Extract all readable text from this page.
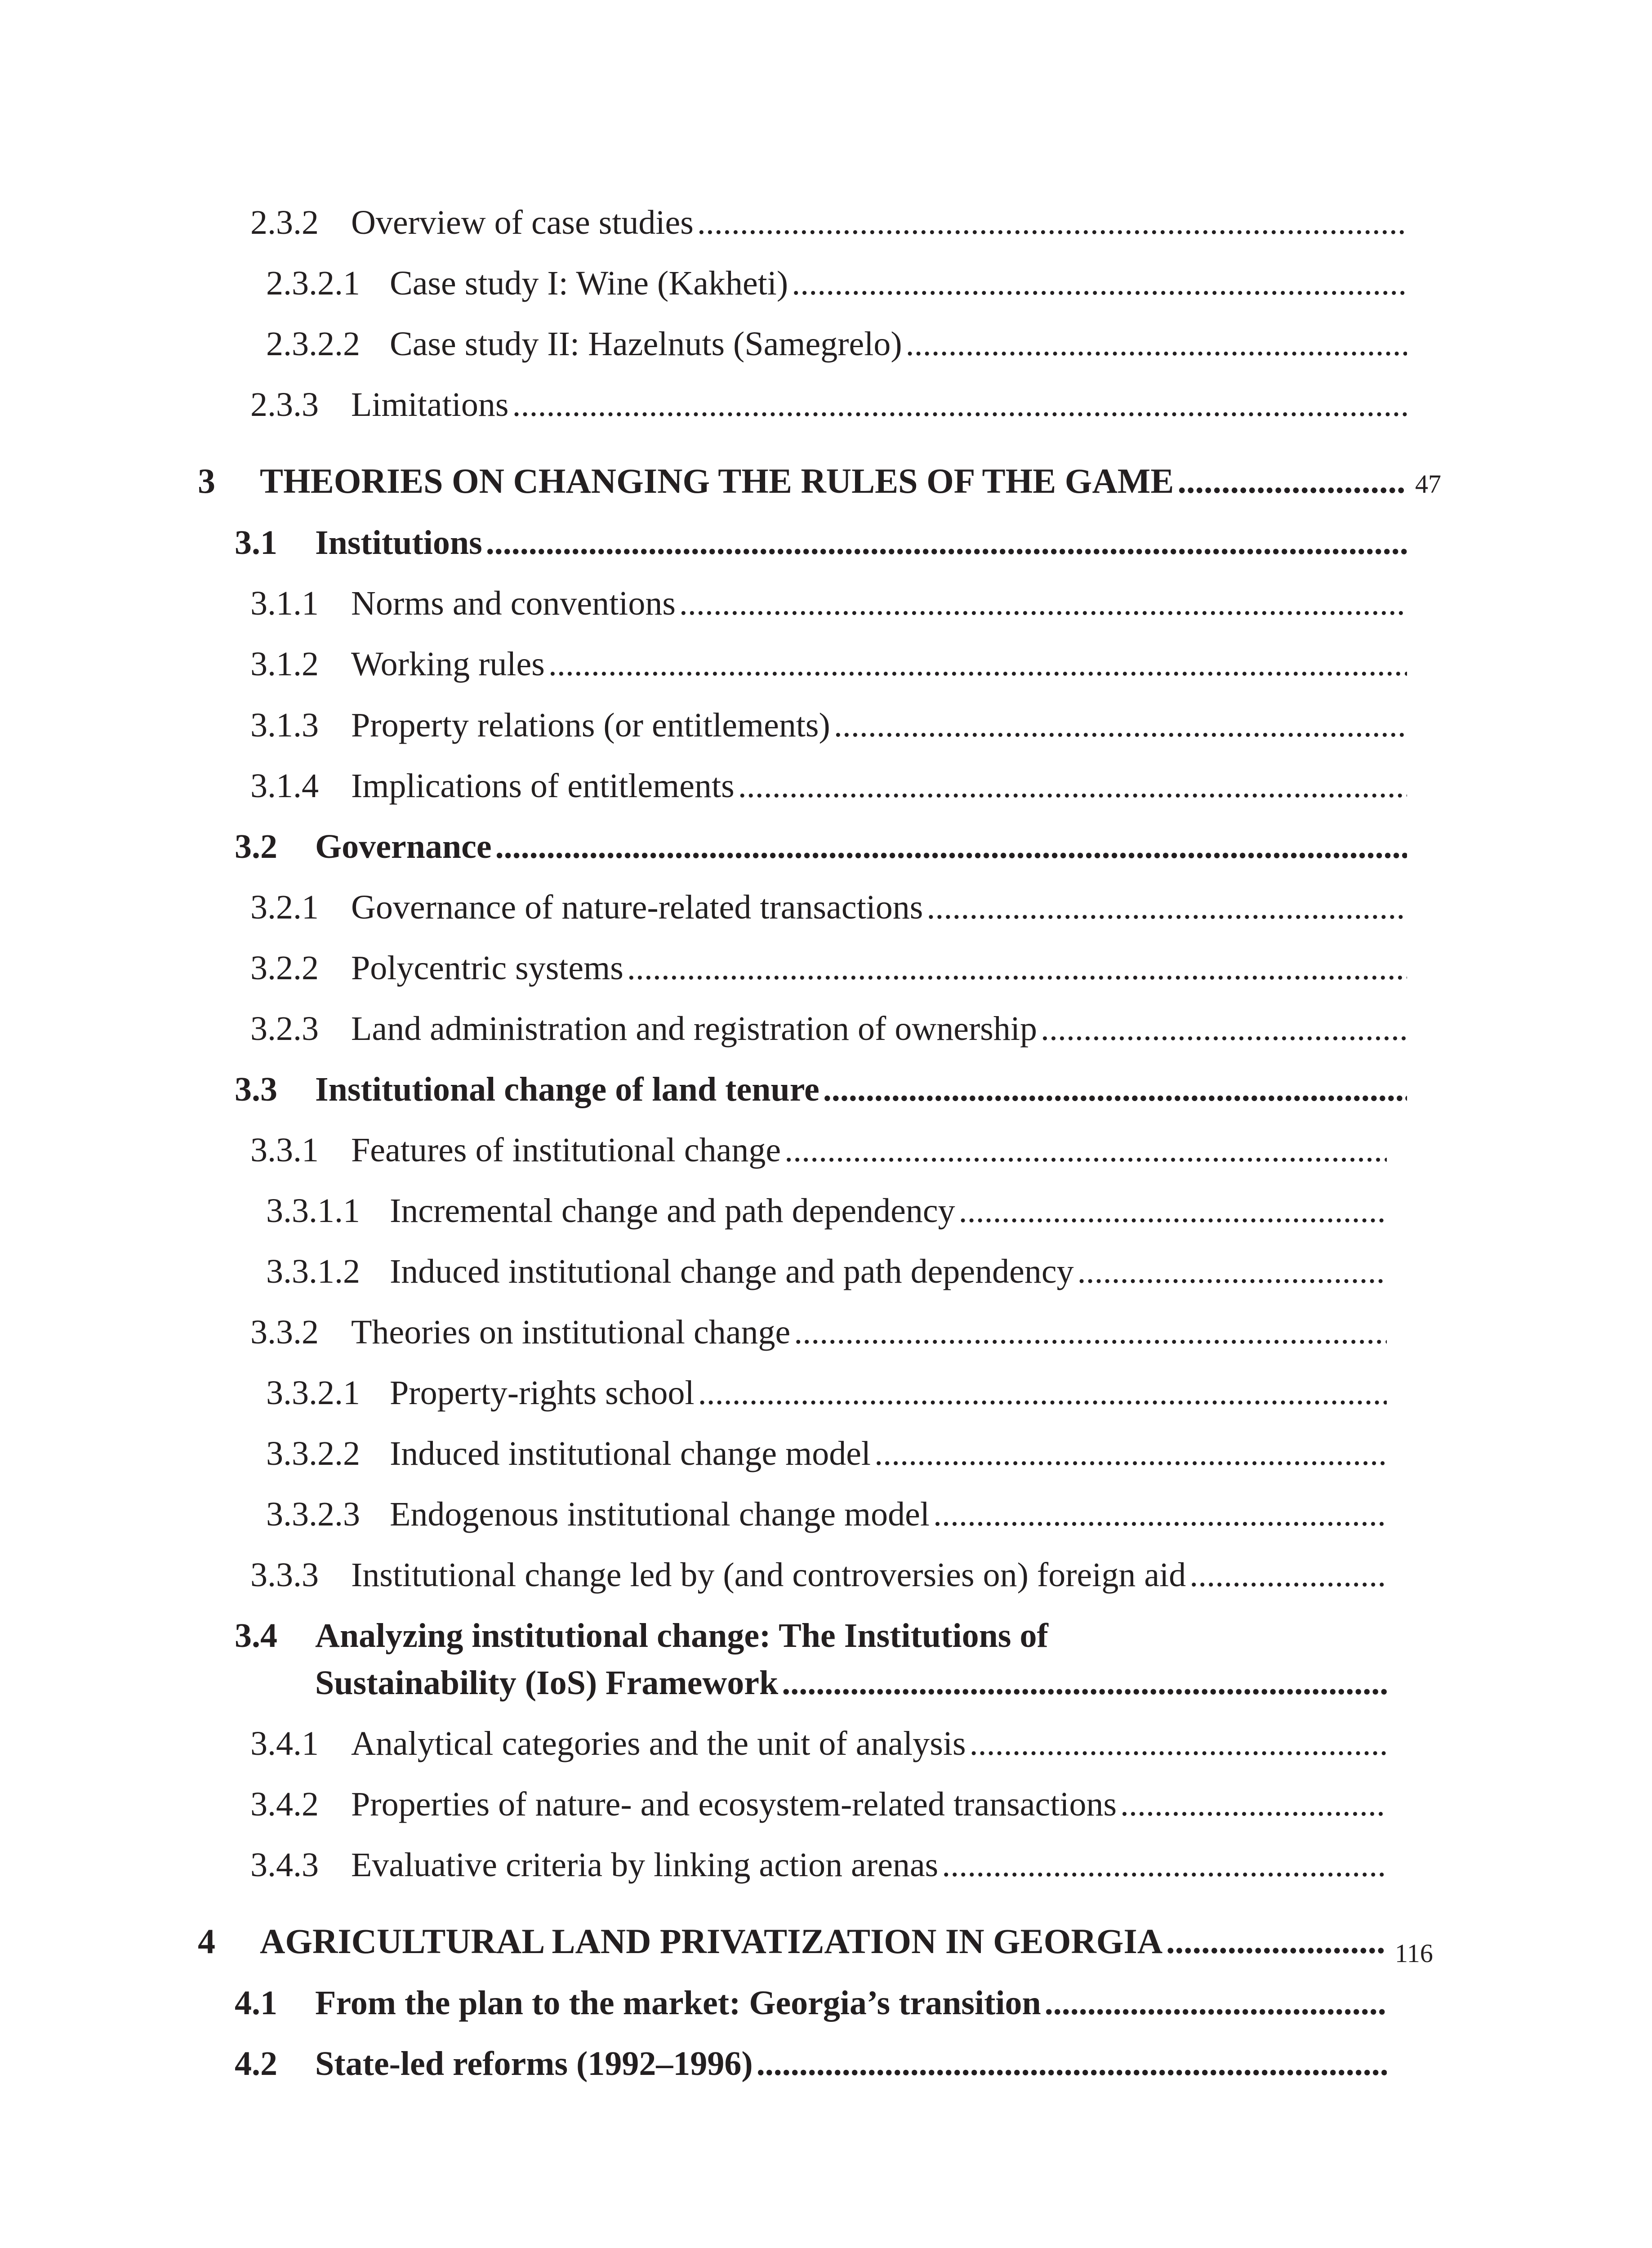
2.3.2 Overview of case studies
.....
2.3.2.1 Case study I: Wine (Kakheti)
.....
2.3.2.2 Case study II: Hazelnuts (Samegrelo)
.....
2.3.3 Limitations
.....
3 THEORIES ON CHANGING THE RULES OF THE GAME .....	47
3.1 Institutions
.....
3.1.1 Norms and conventions
.....
3.1.2 Working rules
.....
3.1.3 Property relations (or entitlements)
.....
3.1.4 Implications of entitlements
.....
3.2 Governance
.....
3.2.1 Governance of nature-related transactions
.....
3.2.2 Polycentric systems
.....
3.2.3 Land administration and registration of ownership
.....
3.3 Institutional change of land tenure
.....
3.3.1 Features of institutional change
.....
3.3.1.1 Incremental change and path dependency
.....
3.3.1.2 Induced institutional change and path dependency
.....
3.3.2 Theories on institutional change
.....
3.3.2.1 Property-rights school
.....
3.3.2.2 Induced institutional change model
.....
3.3.2.3 Endogenous institutional change model
.....
3.3.3 Institutional change led by (and controversies on) foreign aid
.....
3.4 Analyzing institutional change: The Institutions of
Sustainability (IoS) Framework
.....
3.4.1 Analytical categories and the unit of analysis
.....
3.4.2 Properties of nature- and ecosystem-related transactions
.....
3.4.3 Evaluative criteria by linking action arenas
.....
4 AGRICULTURAL LAND PRIVATIZATION IN GEORGIA .....	116
4.1 From the plan to the market: Georgia’s transition
.....
4.2 State-led reforms (1992–1996)
.....
